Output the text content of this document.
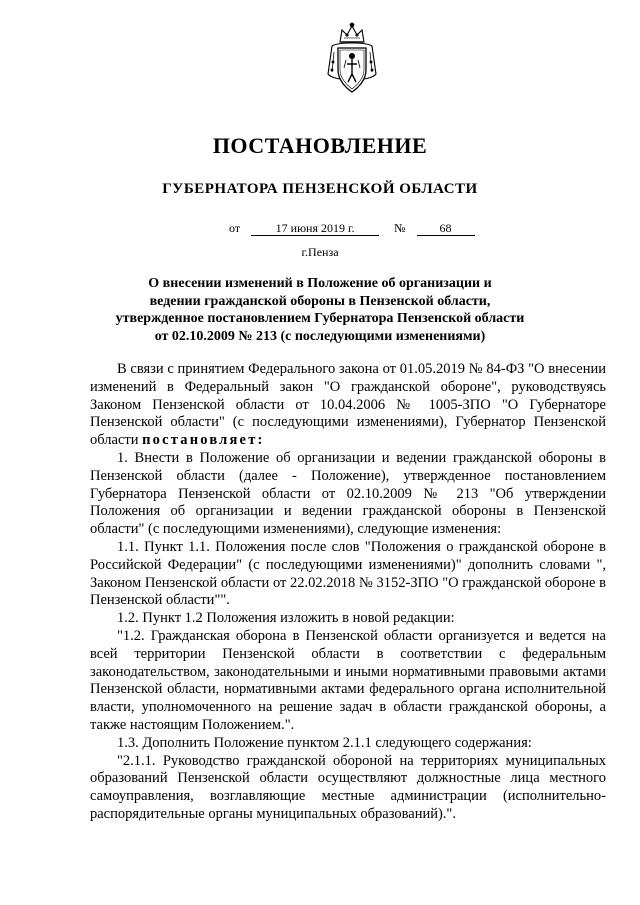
ПОСТАНОВЛЕНИЕ
ГУБЕРНАТОРА ПЕНЗЕНСКОЙ ОБЛАСТИ
от	17 июня 2019 г.	№	68
г.Пенза
О внесении изменений в Положение об организации и
ведении гражданской обороны в Пензенской области,
утвержденное постановлением Губернатора Пензенской области
от 02.10.2009 № 213 (с последующими изменениями)

В связи с принятием Федерального закона от 01.05.2019 № 84-ФЗ "О внесении изменений в Федеральный закон "О гражданской обороне", руководствуясь Законом Пензенской области от 10.04.2006 № 1005-ЗПО "О Губернаторе Пензенской области" (с последующими изменениями), Губернатор Пензенской области постановляет:

1. Внести в Положение об организации и ведении гражданской обороны в Пензенской области (далее - Положение), утвержденное постановлением Губернатора Пензенской области от 02.10.2009 № 213 "Об утверждении Положения об организации и ведении гражданской обороны в Пензенской области" (с последующими изменениями), следующие изменения:

1.1. Пункт 1.1. Положения после слов "Положения о гражданской обороне в Российской Федерации" (с последующими изменениями)" дополнить словами ", Законом Пензенской области от 22.02.2018 № 3152-ЗПО "О гражданской обороне в Пензенской области"".

1.2. Пункт 1.2 Положения изложить в новой редакции:

"1.2. Гражданская оборона в Пензенской области организуется и ведется на всей территории Пензенской области в соответствии с федеральным законодательством, законодательными и иными нормативными правовыми актами Пензенской области, нормативными актами федерального органа исполнительной власти, уполномоченного на решение задач в области гражданской обороны, а также настоящим Положением.".

1.3. Дополнить Положение пунктом 2.1.1 следующего содержания:

"2.1.1. Руководство гражданской обороной на территориях муниципальных образований Пензенской области осуществляют должностные лица местного самоуправления, возглавляющие местные администрации (исполнительно-распорядительные органы муниципальных образований).".
